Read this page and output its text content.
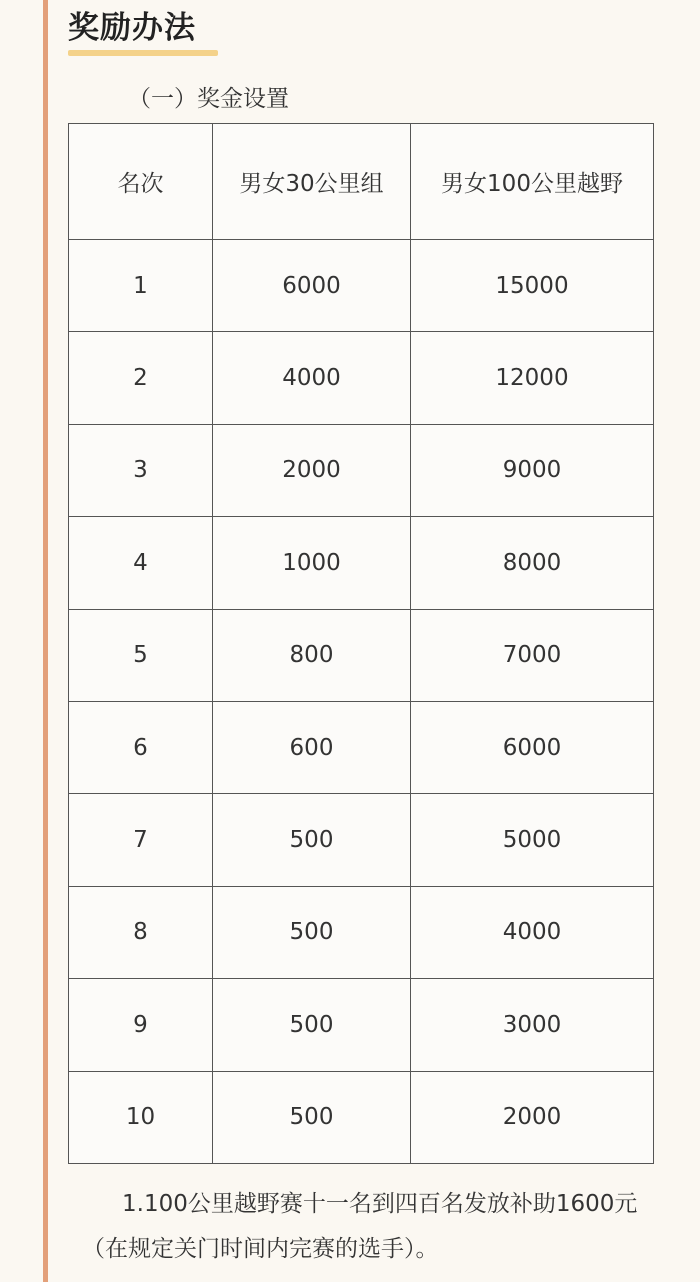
奖励办法
（一）奖金设置
名次	男女30公里组	男女100公里越野
1	6000	15000
2	4000	12000
3	2000	9000
4	1000	8000
5	800	7000
6	600	6000
7	500	5000
8	500	4000
9	500	3000
10	500	2000
1.100公里越野赛十一名到四百名发放补助1600元
（在规定关门时间内完赛的选手）。
